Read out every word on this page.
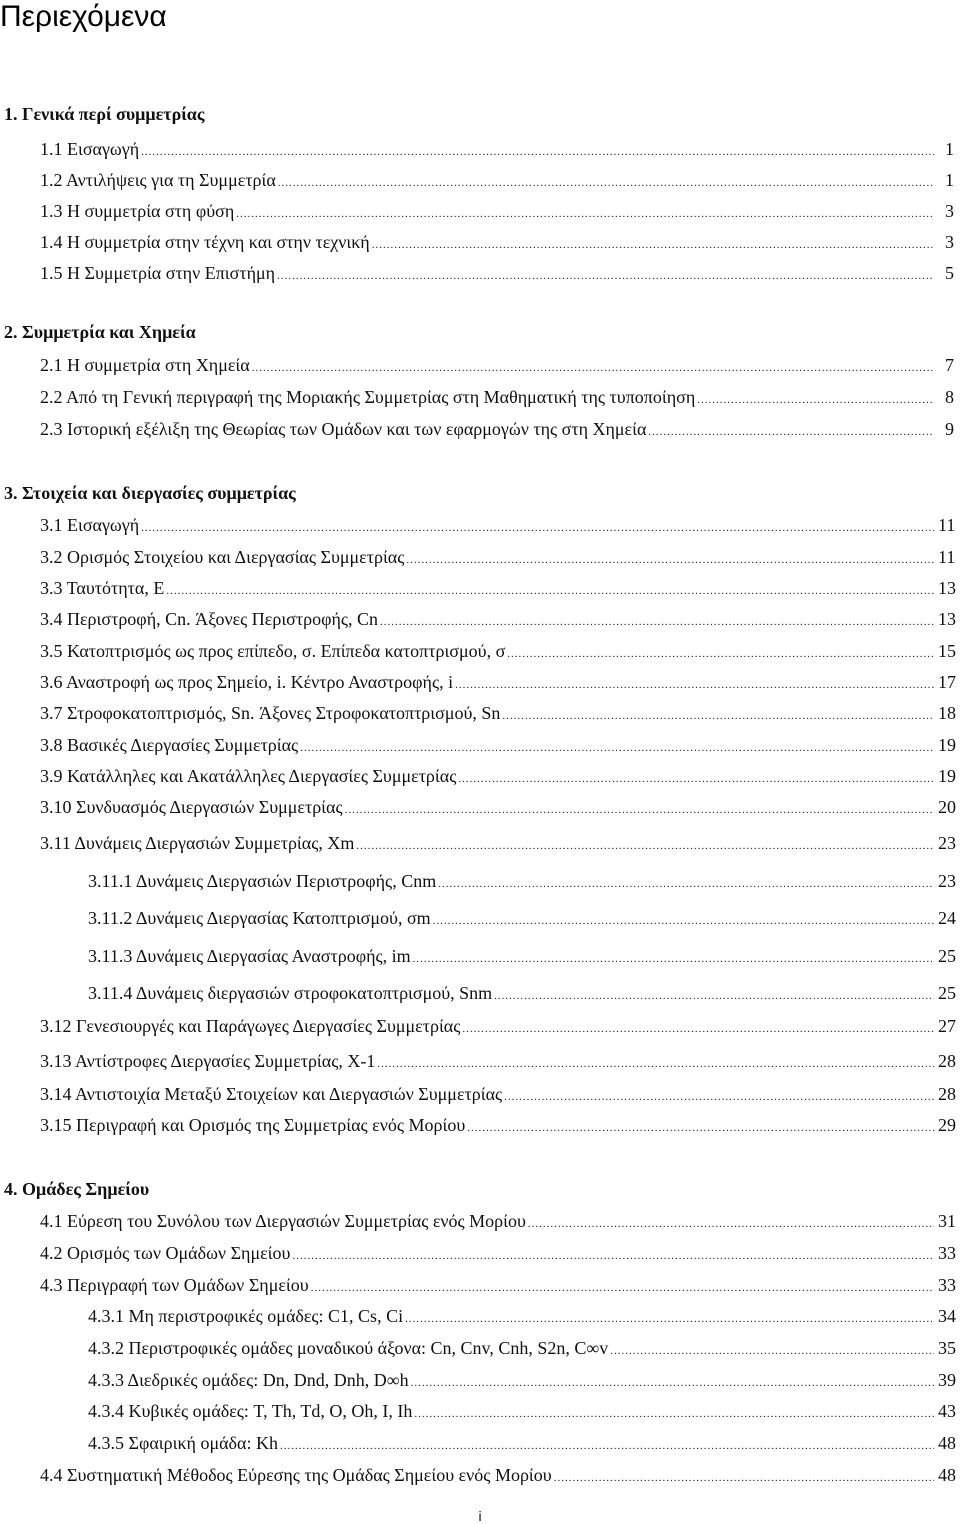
Περιεχόμενα
1. Γενικά περί συμμετρίας
2. Συμμετρία και Χημεία
3. Στοιχεία και διεργασίες συμμετρίας
4. Ομάδες Σημείου
1.1 Εισαγωγή .....	1
1.2 Αντιλήψεις για τη Συμμετρία .....	1
1.3 Η συμμετρία στη φύση .....	3
1.4 Η συμμετρία στην τέχνη και στην τεχνική .....	3
1.5 Η Συμμετρία στην Επιστήμη .....	5
2.1 Η συμμετρία στη Χημεία .....	7
2.2 Από τη Γενική περιγραφή της Μοριακής Συμμετρίας στη Μαθηματική της τυποποίηση .....	8
2.3 Ιστορική εξέλιξη της Θεωρίας των Ομάδων και των εφαρμογών της στη Χημεία .....	9
3.1 Εισαγωγή .....	11
3.2 Ορισμός Στοιχείου και Διεργασίας Συμμετρίας .....	11
3.3 Ταυτότητα, E .....	13
3.4 Περιστροφή, Cn. Άξονες Περιστροφής, Cn .....	13
3.5 Κατοπτρισμός ως προς επίπεδο, σ. Επίπεδα κατοπτρισμού, σ .....	15
3.6 Αναστροφή ως προς Σημείο, i. Κέντρο Αναστροφής, i .....	17
3.7 Στροφοκατοπτρισμός, Sn. Άξονες Στροφοκατοπτρισμού, Sn .....	18
3.8 Βασικές Διεργασίες Συμμετρίας .....	19
3.9 Κατάλληλες και Ακατάλληλες Διεργασίες Συμμετρίας .....	19
3.10 Συνδυασμός Διεργασιών Συμμετρίας .....	20
3.11 Δυνάμεις Διεργασιών Συμμετρίας, Xm .....	23
3.11.1 Δυνάμεις Διεργασιών Περιστροφής, Cnm .....	23
3.11.2 Δυνάμεις Διεργασίας Κατοπτρισμού, σm .....	24
3.11.3 Δυνάμεις Διεργασίας Αναστροφής, im .....	25
3.11.4 Δυνάμεις διεργασιών στροφοκατοπτρισμού, Snm .....	25
3.12 Γενεσιουργές και Παράγωγες Διεργασίες Συμμετρίας .....	27
3.13 Αντίστροφες Διεργασίες Συμμετρίας, X-1 .....	28
3.14 Αντιστοιχία Μεταξύ Στοιχείων και Διεργασιών Συμμετρίας .....	28
3.15 Περιγραφή και Ορισμός της Συμμετρίας ενός Μορίου .....	29
4.1 Εύρεση του Συνόλου των Διεργασιών Συμμετρίας ενός Μορίου .....	31
4.2 Ορισμός των Ομάδων Σημείου .....	33
4.3 Περιγραφή των Ομάδων Σημείου .....	33
4.3.1 Μη περιστροφικές ομάδες: C1, Cs, Ci .....	34
4.3.2 Περιστροφικές ομάδες μοναδικού άξονα: Cn, Cnv, Cnh, S2n, C∞v .....	35
4.3.3 Διεδρικές ομάδες: Dn, Dnd, Dnh, D∞h .....	39
4.3.4 Κυβικές ομάδες: T, Th, Td, O, Oh, I, Ih .....	43
4.3.5 Σφαιρική ομάδα: Kh .....	48
4.4 Συστηματική Μέθοδος Εύρεσης της Ομάδας Σημείου ενός Μορίου .....	48
i
